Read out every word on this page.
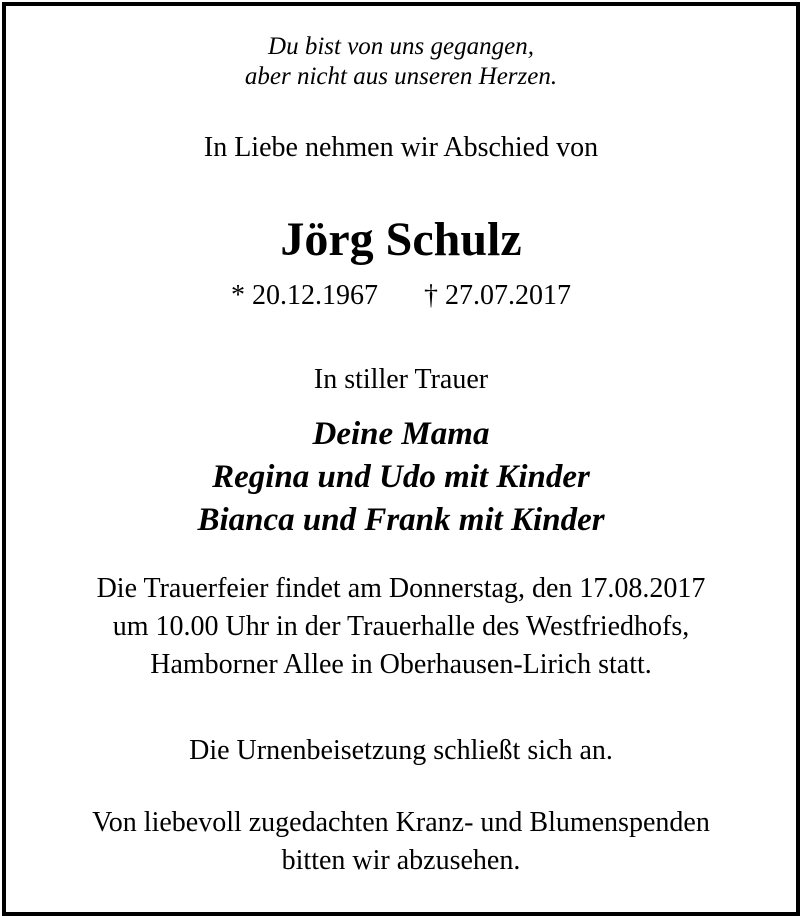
Du bist von uns gegangen,
aber nicht aus unseren Herzen.
In Liebe nehmen wir Abschied von
Jörg Schulz
* 20.12.1967 † 27.07.2017
In stiller Trauer
Deine Mama
Regina und Udo mit Kinder
Bianca und Frank mit Kinder
Die Trauerfeier findet am Donnerstag, den 17.08.2017
um 10.00 Uhr in der Trauerhalle des Westfriedhofs,
Hamborner Allee in Oberhausen-Lirich statt.
Die Urnenbeisetzung schließt sich an.
Von liebevoll zugedachten Kranz- und Blumenspenden
bitten wir abzusehen.
